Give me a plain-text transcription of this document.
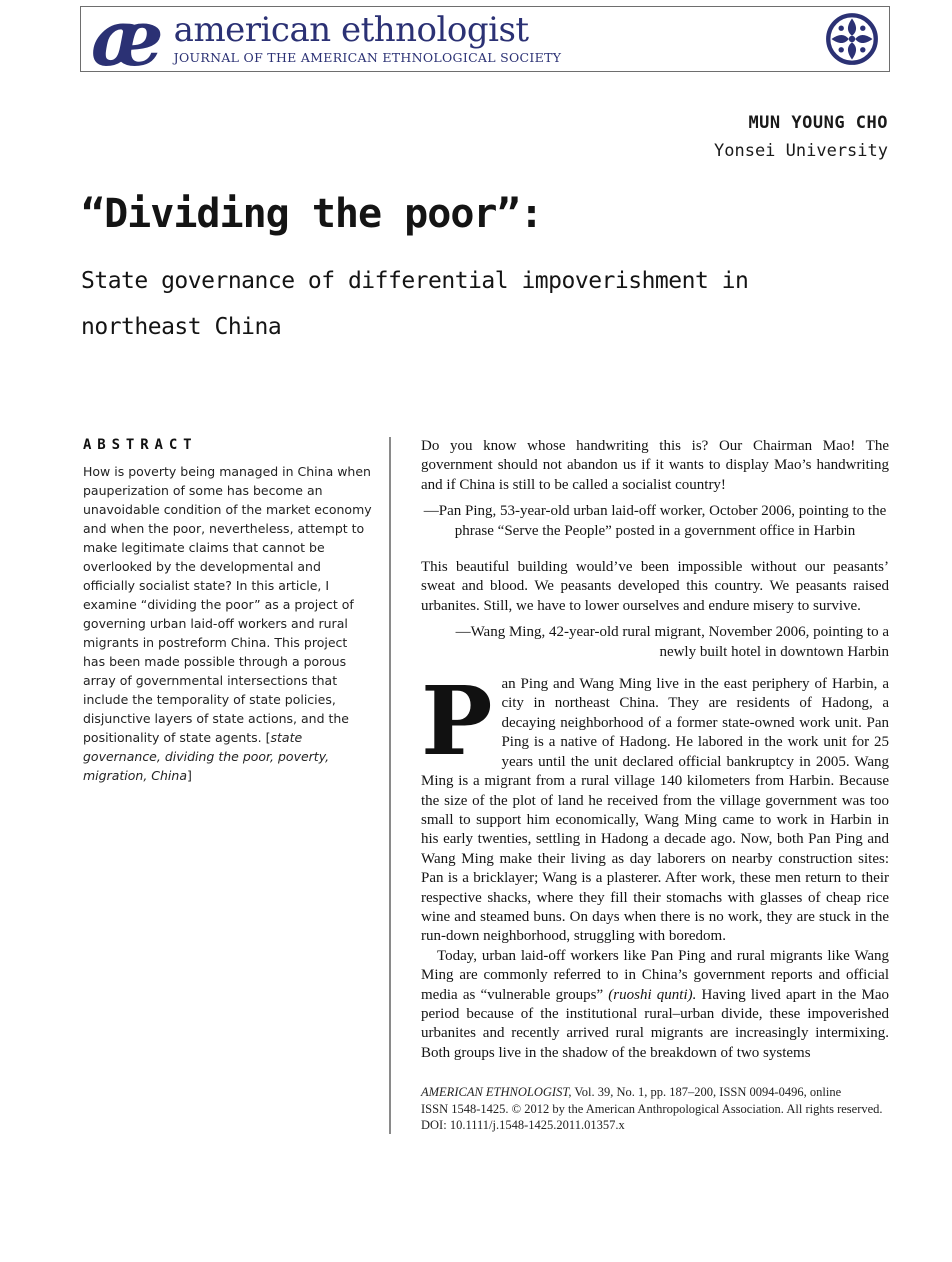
æ american ethnologist
JOURNAL OF THE AMERICAN ETHNOLOGICAL SOCIETY
MUN YOUNG CHO
Yonsei University
“Dividing the poor”:
State governance of differential impoverishment in northeast China
ABSTRACT
How is poverty being managed in China when pauperization of some has become an unavoidable condition of the market economy and when the poor, nevertheless, attempt to make legitimate claims that cannot be overlooked by the developmental and officially socialist state? In this article, I examine “dividing the poor” as a project of governing urban laid-off workers and rural migrants in postreform China. This project has been made possible through a porous array of governmental intersections that include the temporality of state policies, disjunctive layers of state actions, and the positionality of state agents. [state governance, dividing the poor, poverty, migration, China]

Do you know whose handwriting this is? Our Chairman Mao! The government should not abandon us if it wants to display Mao’s handwriting and if China is still to be called a socialist country!

—Pan Ping, 53-year-old urban laid-off worker, October 2006, pointing to the phrase “Serve the People” posted in a government office in Harbin

This beautiful building would’ve been impossible without our peasants’ sweat and blood. We peasants developed this country. We peasants raised urbanites. Still, we have to lower ourselves and endure misery to survive.

—Wang Ming, 42-year-old rural migrant, November 2006, pointing to a newly built hotel in downtown Harbin

Pan Ping and Wang Ming live in the east periphery of Harbin, a city in northeast China. They are residents of Hadong, a decaying neighborhood of a former state-owned work unit. Pan Ping is a native of Hadong. He labored in the work unit for 25 years until the unit declared official bankruptcy in 2005. Wang Ming is a migrant from a rural village 140 kilometers from Harbin. Because the size of the plot of land he received from the village government was too small to support him economically, Wang Ming came to work in Harbin in his early twenties, settling in Hadong a decade ago. Now, both Pan Ping and Wang Ming make their living as day laborers on nearby construction sites: Pan is a bricklayer; Wang is a plasterer. After work, these men return to their respective shacks, where they fill their stomachs with glasses of cheap rice wine and steamed buns. On days when there is no work, they are stuck in the run-down neighborhood, struggling with boredom.

Today, urban laid-off workers like Pan Ping and rural migrants like Wang Ming are commonly referred to in China’s government reports and official media as “vulnerable groups” (ruoshi qunti). Having lived apart in the Mao period because of the institutional rural–urban divide, these impoverished urbanites and recently arrived rural migrants are increasingly intermixing. Both groups live in the shadow of the breakdown of two systems

AMERICAN ETHNOLOGIST, Vol. 39, No. 1, pp. 187–200, ISSN 0094-0496, online
ISSN 1548-1425. © 2012 by the American Anthropological Association. All rights reserved.
DOI: 10.1111/j.1548-1425.2011.01357.x
